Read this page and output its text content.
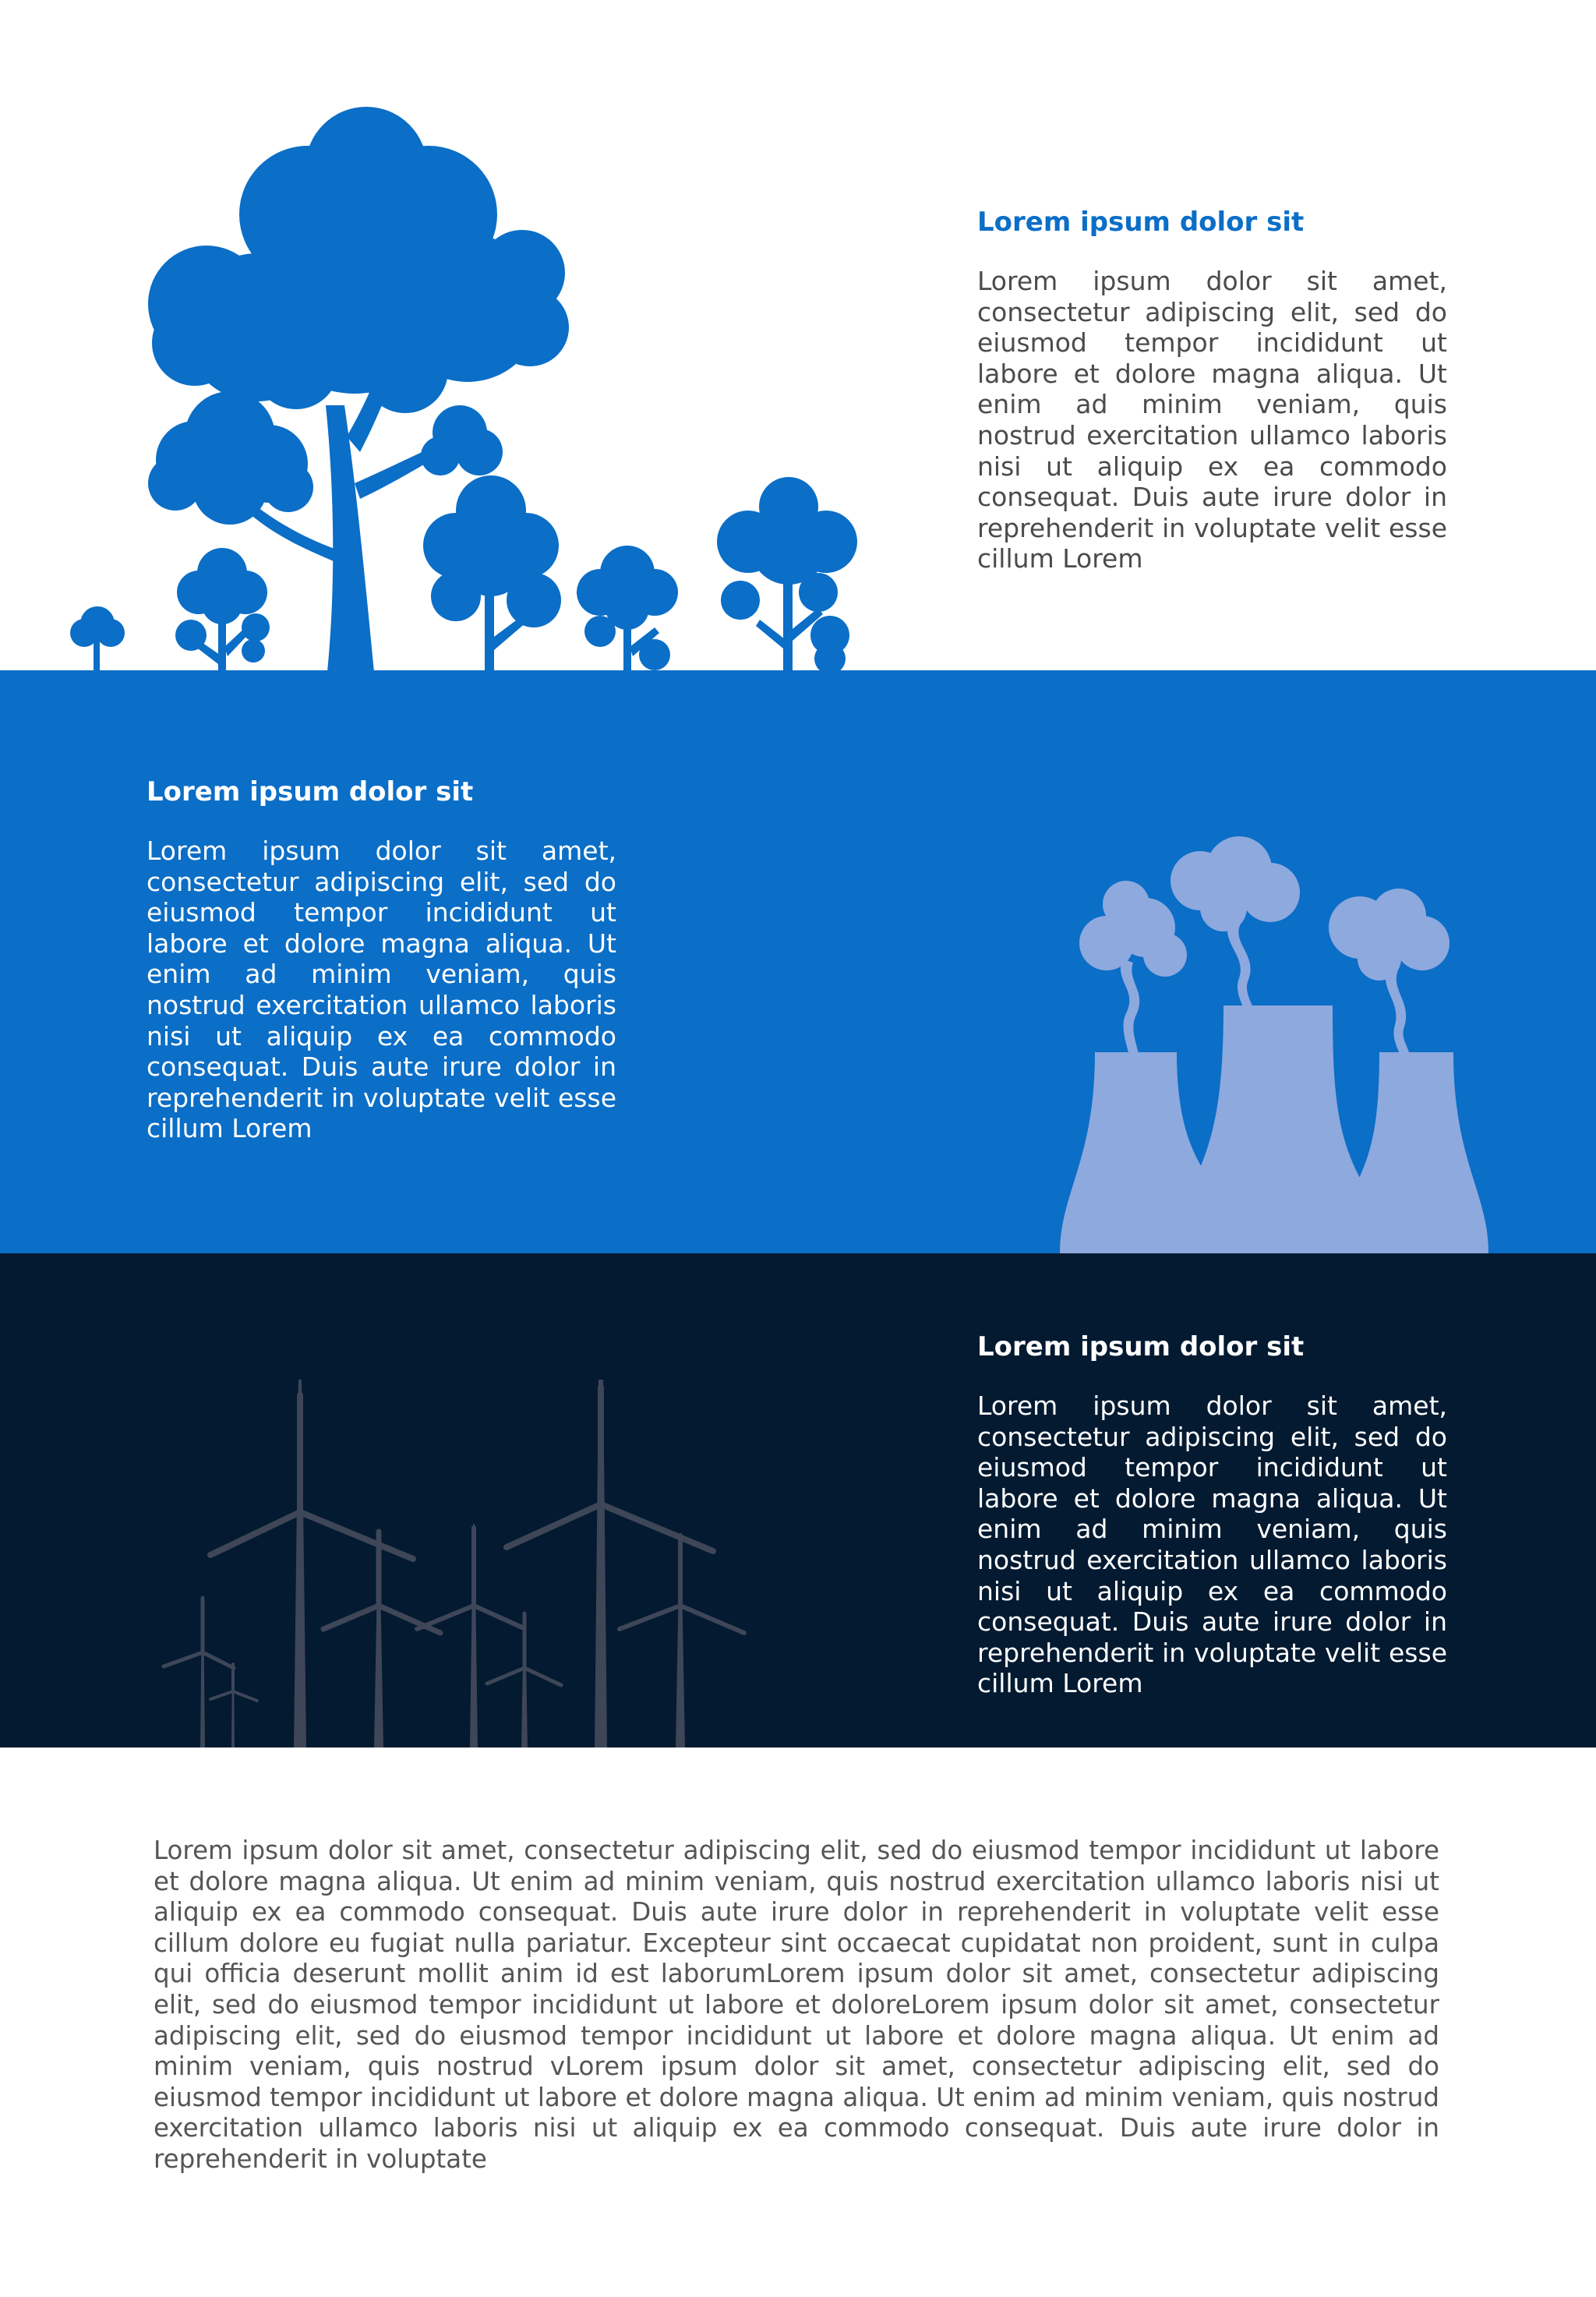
Lorem ipsum dolor sit

Lorem ipsum dolor sit amet, consectetur adipiscing elit, sed do eiusmod tempor incididunt ut labore et dolore magna aliqua. Ut enim ad minim veniam, quis nostrud exercitation ullamco laboris nisi ut aliquip ex ea commodo consequat. Duis aute irure dolor in reprehenderit in voluptate velit esse cillum Lorem

Lorem ipsum dolor sit

Lorem ipsum dolor sit amet, consectetur adipiscing elit, sed do eiusmod tempor incididunt ut labore et dolore magna aliqua. Ut enim ad minim veniam, quis nostrud exercitation ullamco laboris nisi ut aliquip ex ea commodo consequat. Duis aute irure dolor in reprehenderit in voluptate velit esse cillum Lorem

Lorem ipsum dolor sit

Lorem ipsum dolor sit amet, consectetur adipiscing elit, sed do eiusmod tempor incididunt ut labore et dolore magna aliqua. Ut enim ad minim veniam, quis nostrud exercitation ullamco laboris nisi ut aliquip ex ea commodo consequat. Duis aute irure dolor in reprehenderit in voluptate velit esse cillum Lorem

Lorem ipsum dolor sit amet, consectetur adipiscing elit, sed do eiusmod tempor incididunt ut labore et dolore magna aliqua. Ut enim ad minim veniam, quis nostrud exercitation ullamco laboris nisi ut aliquip ex ea commodo consequat. Duis aute irure dolor in reprehenderit in voluptate velit esse cillum dolore eu fugiat nulla pariatur. Excepteur sint occaecat cupidatat non proident, sunt in culpa qui officia deserunt mollit anim id est laborumLorem ipsum dolor sit amet, consectetur adipiscing elit, sed do eiusmod tempor incididunt ut labore et doloreLorem ipsum dolor sit amet, consectetur adipiscing elit, sed do eiusmod tempor incididunt ut labore et dolore magna aliqua. Ut enim ad minim veniam, quis nostrud vLorem ipsum dolor sit amet, consectetur adipiscing elit, sed do eiusmod tempor incididunt ut labore et dolore magna aliqua. Ut enim ad minim veniam, quis nostrud exercitation ullamco laboris nisi ut aliquip ex ea commodo consequat. Duis aute irure dolor in reprehenderit in voluptate
